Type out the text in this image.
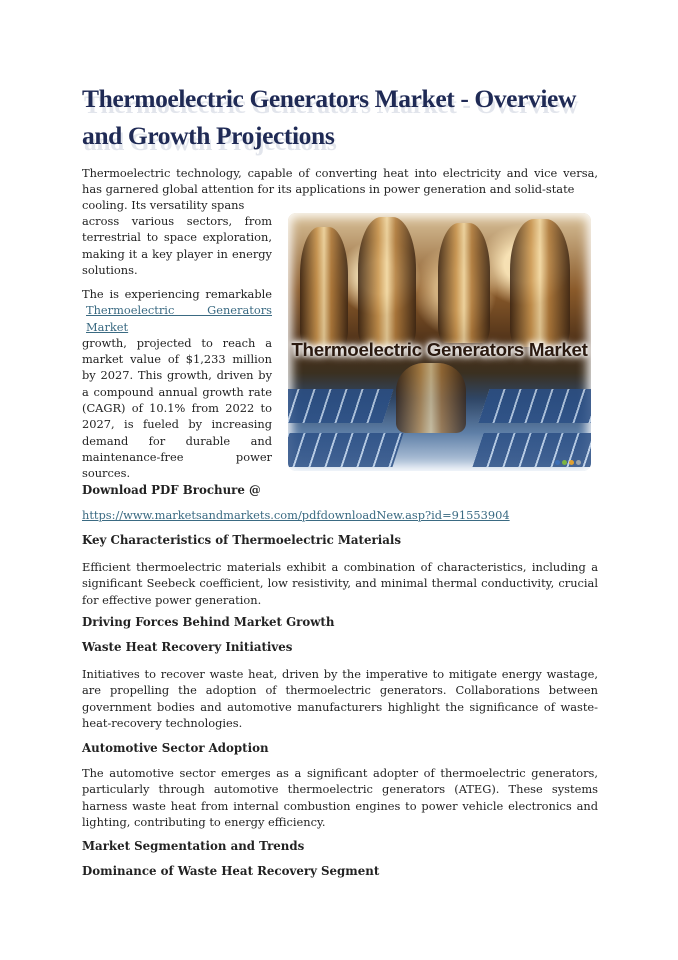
Thermoelectric Generators Market - Overview and Growth Projections

Thermoelectric technology, capable of converting heat into electricity and vice versa, has garnered global attention for its applications in power generation and solid-state

cooling. Its versatility spans

across various sectors, from terrestrial to space exploration, making it a key player in energy solutions.

The
Thermoelectric Generators Market
is experiencing remarkable growth, projected to reach a market value of $1,233 million by 2027. This growth, driven by a compound annual growth rate (CAGR) of 10.1% from 2022 to 2027, is fueled by increasing demand for durable and maintenance-free power sources.

Thermoelectric Generators Market
Download PDF Brochure @
https://www.marketsandmarkets.com/pdfdownloadNew.asp?id=91553904
Key Characteristics of Thermoelectric Materials

Efficient thermoelectric materials exhibit a combination of characteristics, including a significant Seebeck coefficient, low resistivity, and minimal thermal conductivity, crucial for effective power generation.

Driving Forces Behind Market Growth
Waste Heat Recovery Initiatives

Initiatives to recover waste heat, driven by the imperative to mitigate energy wastage, are propelling the adoption of thermoelectric generators. Collaborations between government bodies and automotive manufacturers highlight the significance of waste-heat-recovery technologies.

Automotive Sector Adoption

The automotive sector emerges as a significant adopter of thermoelectric generators, particularly through automotive thermoelectric generators (ATEG). These systems harness waste heat from internal combustion engines to power vehicle electronics and lighting, contributing to energy efficiency.

Market Segmentation and Trends
Dominance of Waste Heat Recovery Segment
